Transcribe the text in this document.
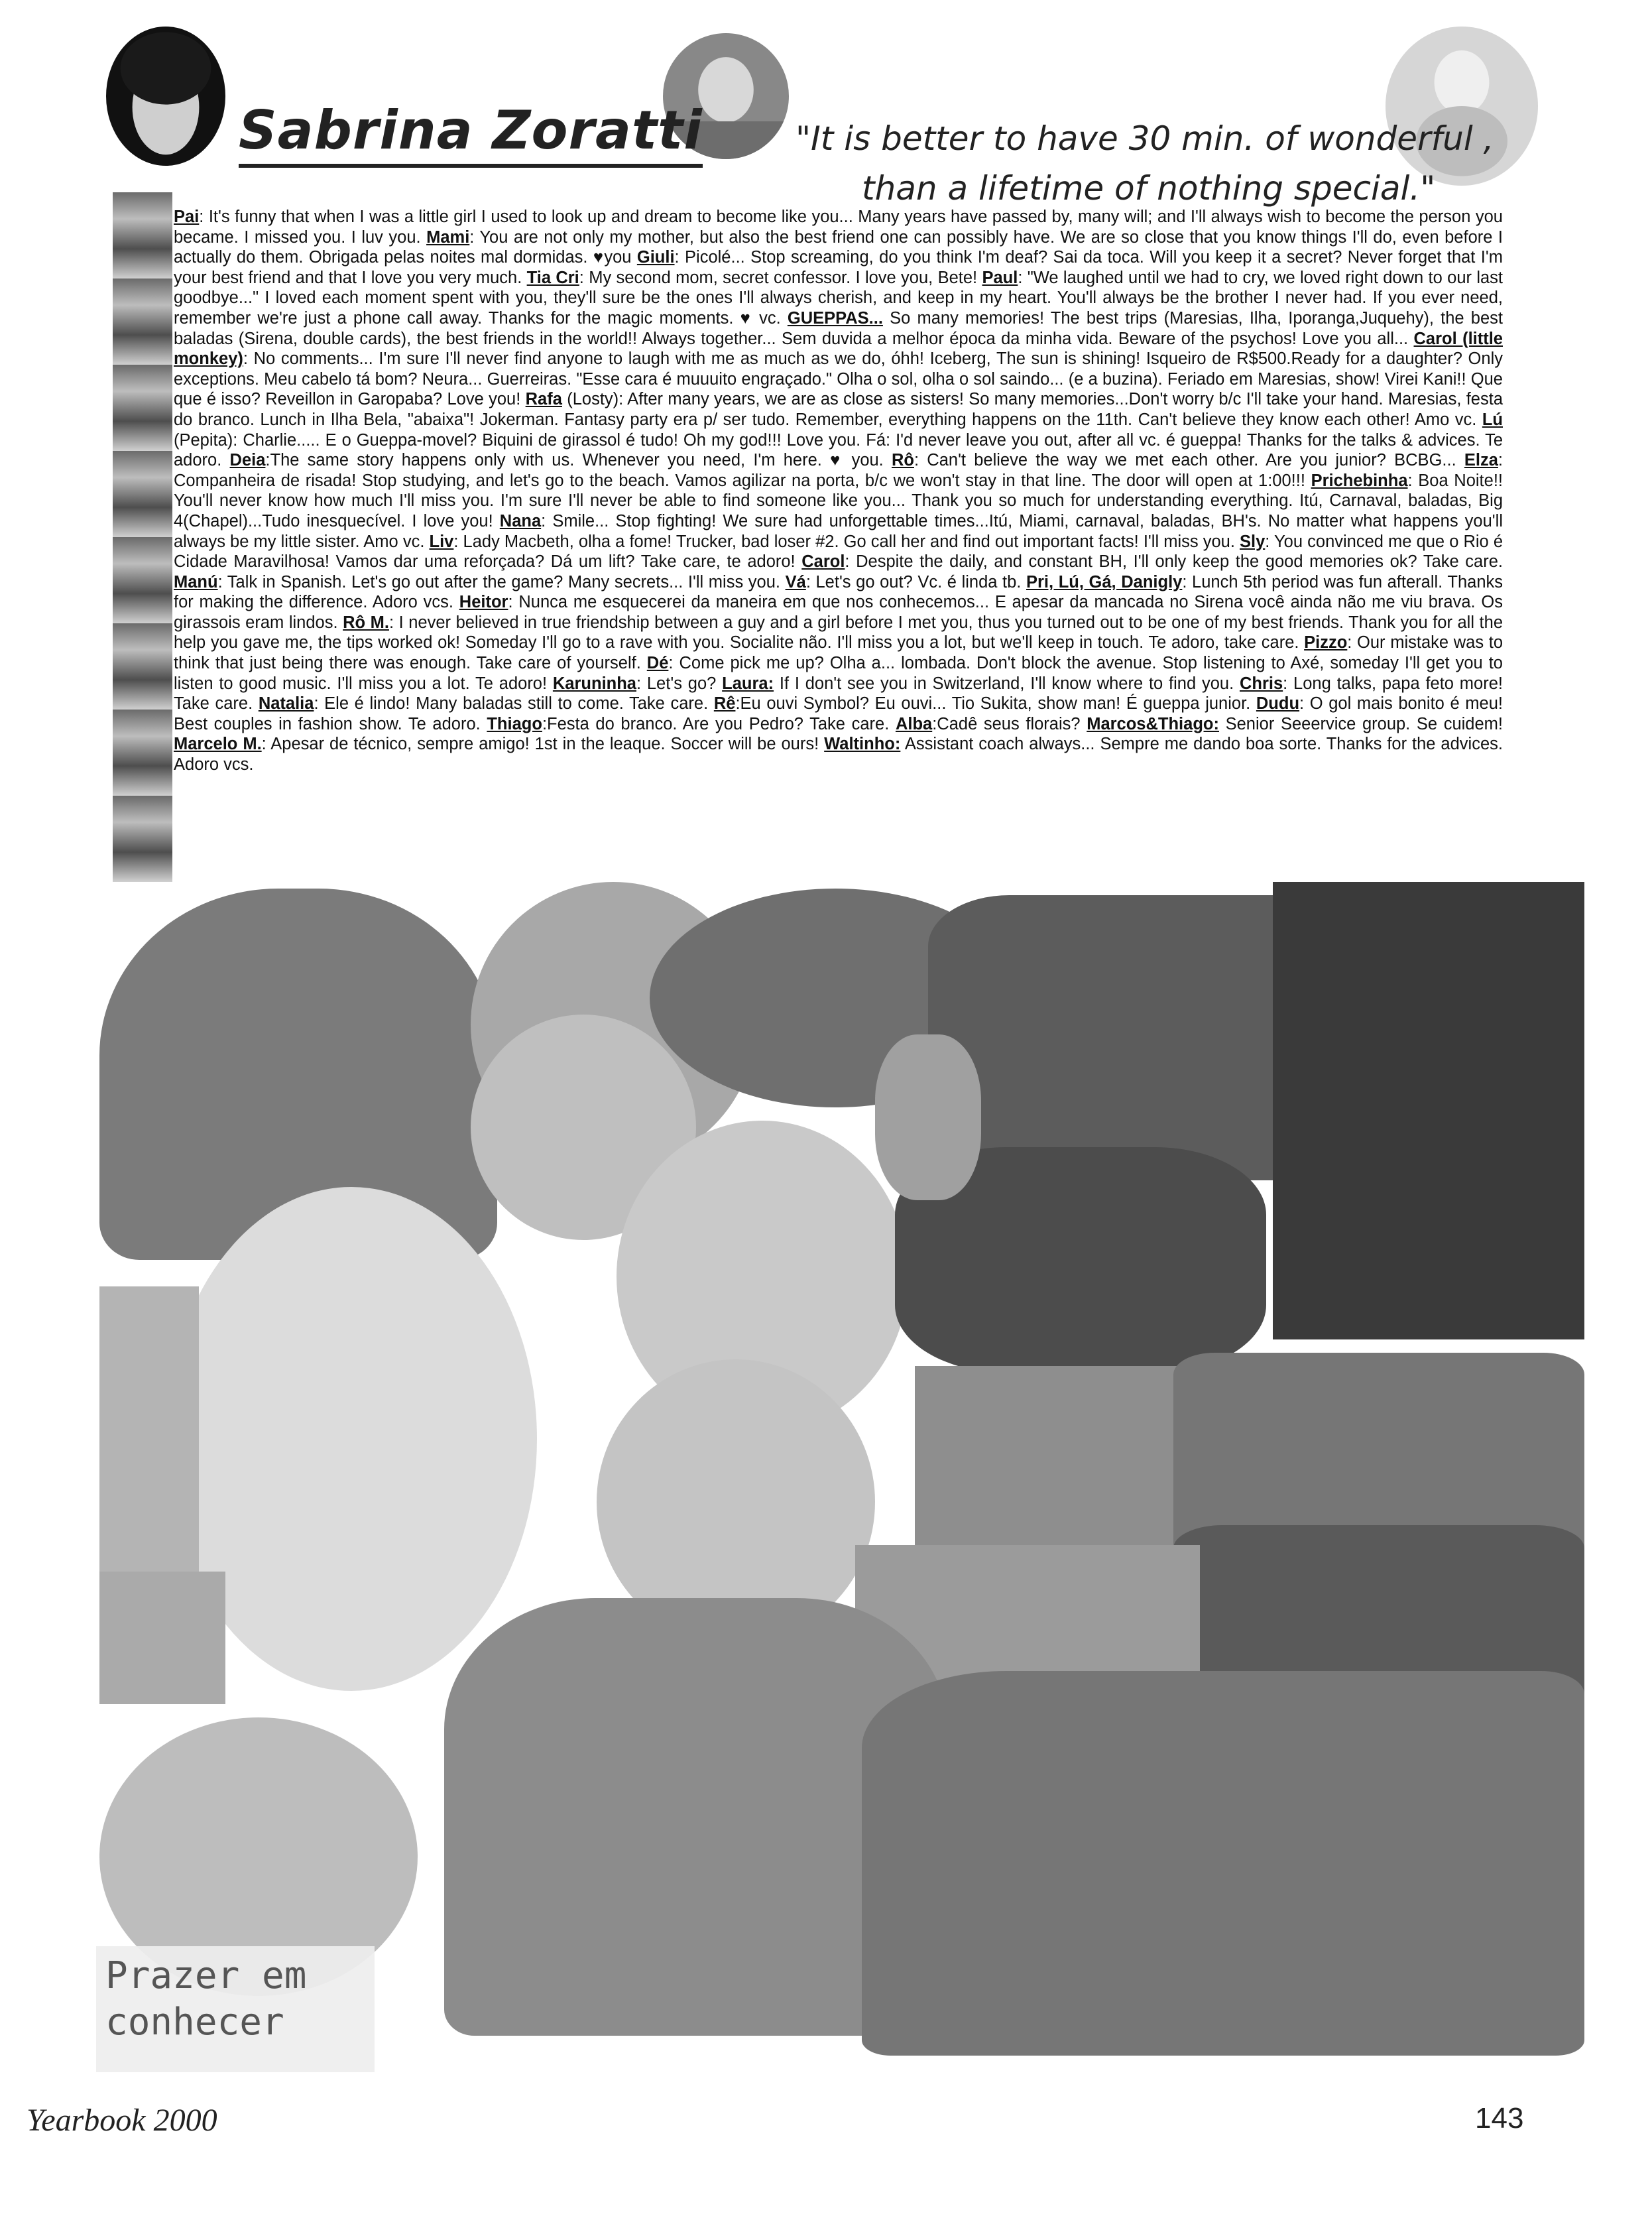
Sabrina Zoratti	"It is better to have 30 min. of wonderful ,
than a lifetime of nothing special."
Pai: It's funny that when I was a little girl I used to look up and dream to become like you... Many years have passed by, many will; and I'll always wish to become the person you became. I missed you. I luv you. Mami: You are not only my mother, but also the best friend one can possibly have. We are so close that you know things I'll do, even before I actually do them. Obrigada pelas noites mal dormidas. ♥you Giuli: Picolé... Stop screaming, do you think I'm deaf? Sai da toca. Will you keep it a secret? Never forget that I'm your best friend and that I love you very much. Tia Cri: My second mom, secret confessor. I love you, Bete! Paul: "We laughed until we had to cry, we loved right down to our last goodbye..." I loved each moment spent with you, they'll sure be the ones I'll always cherish, and keep in my heart. You'll always be the brother I never had. If you ever need, remember we're just a phone call away. Thanks for the magic moments. ♥ vc. GUEPPAS... So many memories! The best trips (Maresias, Ilha, Iporanga,Juquehy), the best baladas (Sirena, double cards), the best friends in the world!! Always together... Sem duvida a melhor época da minha vida. Beware of the psychos! Love you all... Carol (little monkey): No comments... I'm sure I'll never find anyone to laugh with me as much as we do, óhh! Iceberg, The sun is shining! Isqueiro de R$500.Ready for a daughter? Only exceptions. Meu cabelo tá bom? Neura... Guerreiras. "Esse cara é muuuito engraçado." Olha o sol, olha o sol saindo... (e a buzina). Feriado em Maresias, show! Virei Kani!! Que que é isso? Reveillon in Garopaba? Love you! Rafa (Losty): After many years, we are as close as sisters! So many memories...Don't worry b/c I'll take your hand. Maresias, festa do branco. Lunch in Ilha Bela, "abaixa"! Jokerman. Fantasy party era p/ ser tudo. Remember, everything happens on the 11th. Can't believe they know each other! Amo vc. Lú (Pepita): Charlie..... E o Gueppa-movel? Biquini de girassol é tudo! Oh my god!!! Love you. Fá: I'd never leave you out, after all vc. é gueppa! Thanks for the talks & advices. Te adoro. Deia:The same story happens only with us. Whenever you need, I'm here. ♥ you. Rô: Can't believe the way we met each other. Are you junior? BCBG... Elza: Companheira de risada! Stop studying, and let's go to the beach. Vamos agilizar na porta, b/c we won't stay in that line. The door will open at 1:00!!! Prichebinha: Boa Noite!! You'll never know how much I'll miss you. I'm sure I'll never be able to find someone like you... Thank you so much for understanding everything. Itú, Carnaval, baladas, Big 4(Chapel)...Tudo inesquecível. I love you! Nana: Smile... Stop fighting! We sure had unforgettable times...Itú, Miami, carnaval, baladas, BH's. No matter what happens you'll always be my little sister. Amo vc. Liv: Lady Macbeth, olha a fome! Trucker, bad loser #2. Go call her and find out important facts! I'll miss you. Sly: You convinced me que o Rio é Cidade Maravilhosa! Vamos dar uma reforçada? Dá um lift? Take care, te adoro! Carol: Despite the daily, and constant BH, I'll only keep the good memories ok? Take care. Manú: Talk in Spanish. Let's go out after the game? Many secrets... I'll miss you. Vá: Let's go out? Vc. é linda tb. Pri, Lú, Gá, Danigly: Lunch 5th period was fun afterall. Thanks for making the difference. Adoro vcs. Heitor: Nunca me esquecerei da maneira em que nos conhecemos... E apesar da mancada no Sirena você ainda não me viu brava. Os girassois eram lindos. Rô M.: I never believed in true friendship between a guy and a girl before I met you, thus you turned out to be one of my best friends. Thank you for all the help you gave me, the tips worked ok! Someday I'll go to a rave with you. Socialite não. I'll miss you a lot, but we'll keep in touch. Te adoro, take care. Pizzo: Our mistake was to think that just being there was enough. Take care of yourself. Dé: Come pick me up? Olha a... lombada. Don't block the avenue. Stop listening to Axé, someday I'll get you to listen to good music. I'll miss you a lot. Te adoro! Karuninha: Let's go? Laura: If I don't see you in Switzerland, I'll know where to find you. Chris: Long talks, papa feto more! Take care. Natalia: Ele é lindo! Many baladas still to come. Take care. Rê:Eu ouvi Symbol? Eu ouvi... Tio Sukita, show man! É gueppa junior. Dudu: O gol mais bonito é meu! Best couples in fashion show. Te adoro. Thiago:Festa do branco. Are you Pedro? Take care. Alba:Cadê seus florais? Marcos&Thiago: Senior Seeervice group. Se cuidem! Marcelo M.: Apesar de técnico, sempre amigo! 1st in the leaque. Soccer will be ours! Waltinho: Assistant coach always... Sempre me dando boa sorte. Thanks for the advices. Adoro vcs.
Prazer em
conhecer
Yearbook 2000	143
